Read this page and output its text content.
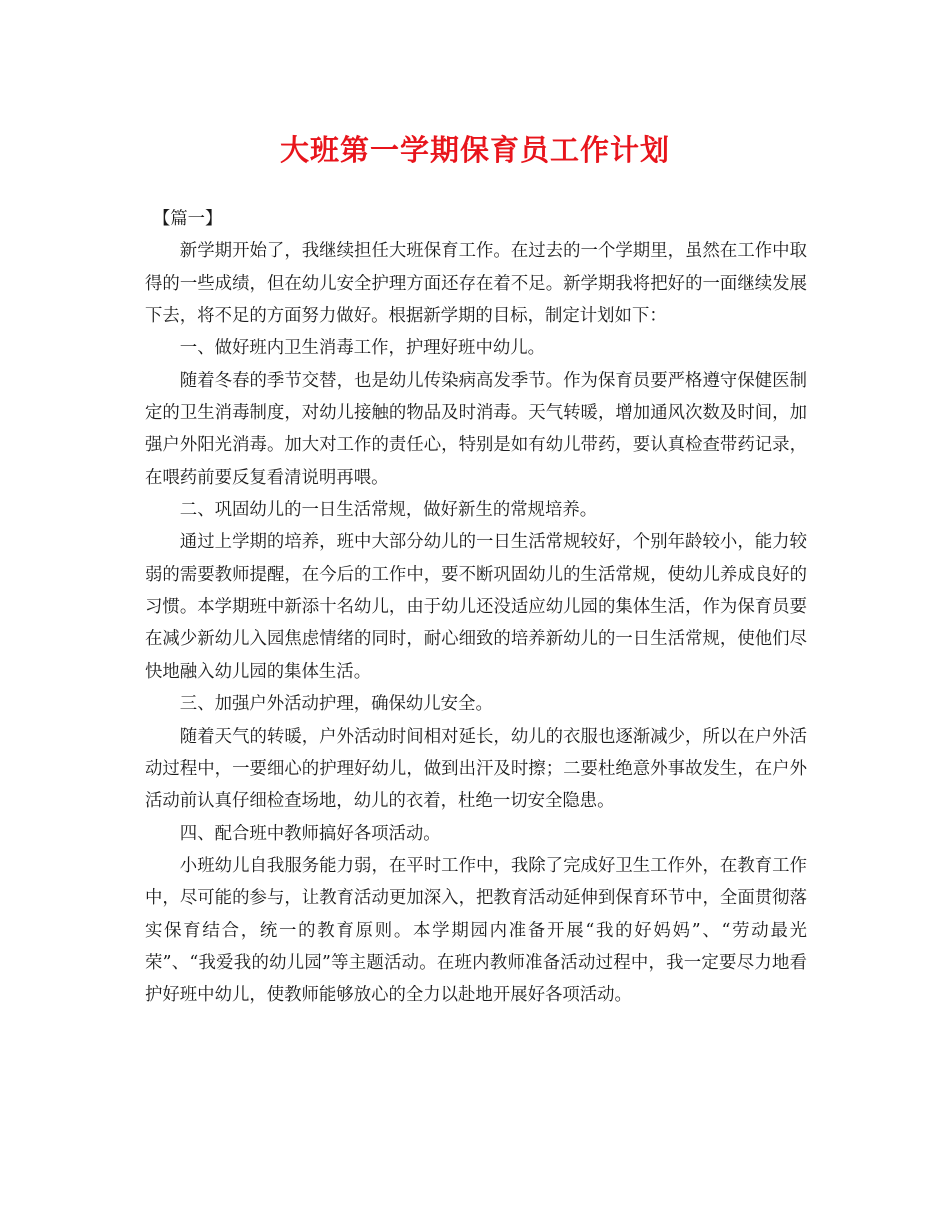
大班第一学期保育员工作计划

【篇一】

新学期开始了，我继续担任大班保育工作。在过去的一个学期里，虽然在工作中取得的一些成绩，但在幼儿安全护理方面还存在着不足。新学期我将把好的一面继续发展下去，将不足的方面努力做好。根据新学期的目标，制定计划如下：

一、做好班内卫生消毒工作，护理好班中幼儿。

随着冬春的季节交替，也是幼儿传染病高发季节。作为保育员要严格遵守保健医制定的卫生消毒制度，对幼儿接触的物品及时消毒。天气转暖，增加通风次数及时间，加强户外阳光消毒。加大对工作的责任心，特别是如有幼儿带药，要认真检查带药记录，在喂药前要反复看清说明再喂。

二、巩固幼儿的一日生活常规，做好新生的常规培养。

通过上学期的培养，班中大部分幼儿的一日生活常规较好，个别年龄较小，能力较弱的需要教师提醒，在今后的工作中，要不断巩固幼儿的生活常规，使幼儿养成良好的习惯。本学期班中新添十名幼儿，由于幼儿还没适应幼儿园的集体生活，作为保育员要在减少新幼儿入园焦虑情绪的同时，耐心细致的培养新幼儿的一日生活常规，使他们尽快地融入幼儿园的集体生活。

三、加强户外活动护理，确保幼儿安全。

随着天气的转暖，户外活动时间相对延长，幼儿的衣服也逐渐减少，所以在户外活动过程中，一要细心的护理好幼儿，做到出汗及时擦；二要杜绝意外事故发生，在户外活动前认真仔细检查场地，幼儿的衣着，杜绝一切安全隐患。

四、配合班中教师搞好各项活动。

小班幼儿自我服务能力弱，在平时工作中，我除了完成好卫生工作外，在教育工作中，尽可能的参与，让教育活动更加深入，把教育活动延伸到保育环节中，全面贯彻落实保育结合，统一的教育原则。本学期园内准备开展“我的好妈妈”、“劳动最光荣”、“我爱我的幼儿园”等主题活动。在班内教师准备活动过程中，我一定要尽力地看护好班中幼儿，使教师能够放心的全力以赴地开展好各项活动。
